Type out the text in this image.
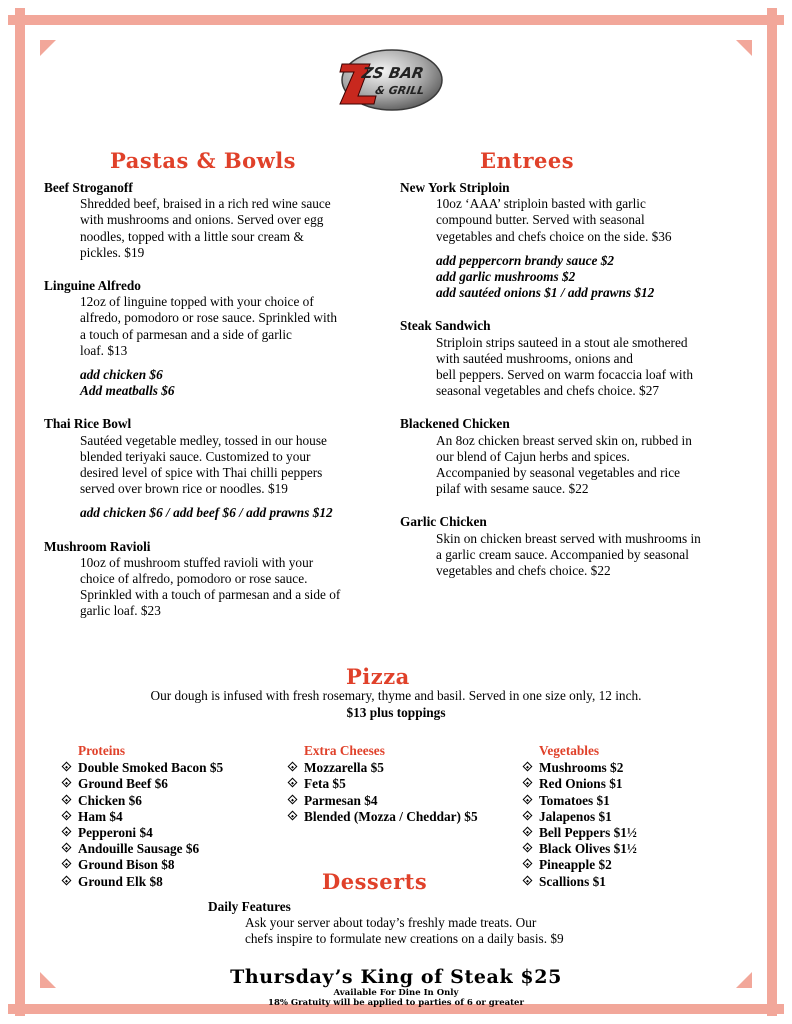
ZS BAR
& GRILL
Pastas & Bowls	Entrees
Pizza
Desserts
Beef Stroganoff
Shredded beef, braised in a rich red wine sauce
with mushrooms and onions. Served over egg
noodles, topped with a little sour cream &
pickles. $19
Linguine Alfredo
12oz of linguine topped with your choice of
alfredo, pomodoro or rose sauce. Sprinkled with
a touch of parmesan and a side of garlic
loaf. $13
add chicken $6
Add meatballs $6
Thai Rice Bowl
Sautéed vegetable medley, tossed in our house
blended teriyaki sauce. Customized to your
desired level of spice with Thai chilli peppers
served over brown rice or noodles. $19
add chicken $6 / add beef $6 / add prawns $12
Mushroom Ravioli
10oz of mushroom stuffed ravioli with your
choice of alfredo, pomodoro or rose sauce.
Sprinkled with a touch of parmesan and a side of
garlic loaf. $23
New York Striploin
10oz ‘AAA’ striploin basted with garlic
compound butter. Served with seasonal
vegetables and chefs choice on the side. $36
add peppercorn brandy sauce $2
add garlic mushrooms $2
add sautéed onions $1 / add prawns $12
Steak Sandwich
Striploin strips sauteed in a stout ale smothered
with sautéed mushrooms, onions and
bell peppers. Served on warm focaccia loaf with
seasonal vegetables and chefs choice. $27
Blackened Chicken
An 8oz chicken breast served skin on, rubbed in
our blend of Cajun herbs and spices.
Accompanied by seasonal vegetables and rice
pilaf with sesame sauce. $22
Garlic Chicken
Skin on chicken breast served with mushrooms in
a garlic cream sauce. Accompanied by seasonal
vegetables and chefs choice. $22
Our dough is infused with fresh rosemary, thyme and basil. Served in one size only, 12 inch.
$13 plus toppings
Proteins
Double Smoked Bacon $5
Ground Beef $6
Chicken $6
Ham $4
Pepperoni $4
Andouille Sausage $6
Ground Bison $8
Ground Elk $8
Extra Cheeses
Mozzarella $5
Feta $5
Parmesan $4
Blended (Mozza / Cheddar) $5
Vegetables
Mushrooms $2
Red Onions $1
Tomatoes $1
Jalapenos $1
Bell Peppers $1½
Black Olives $1½
Pineapple $2
Scallions $1
Daily Features
Ask your server about today’s freshly made treats. Our
chefs inspire to formulate new creations on a daily basis. $9
Thursday’s King of Steak $25
Available For Dine In Only
18% Gratuity will be applied to parties of 6 or greater
